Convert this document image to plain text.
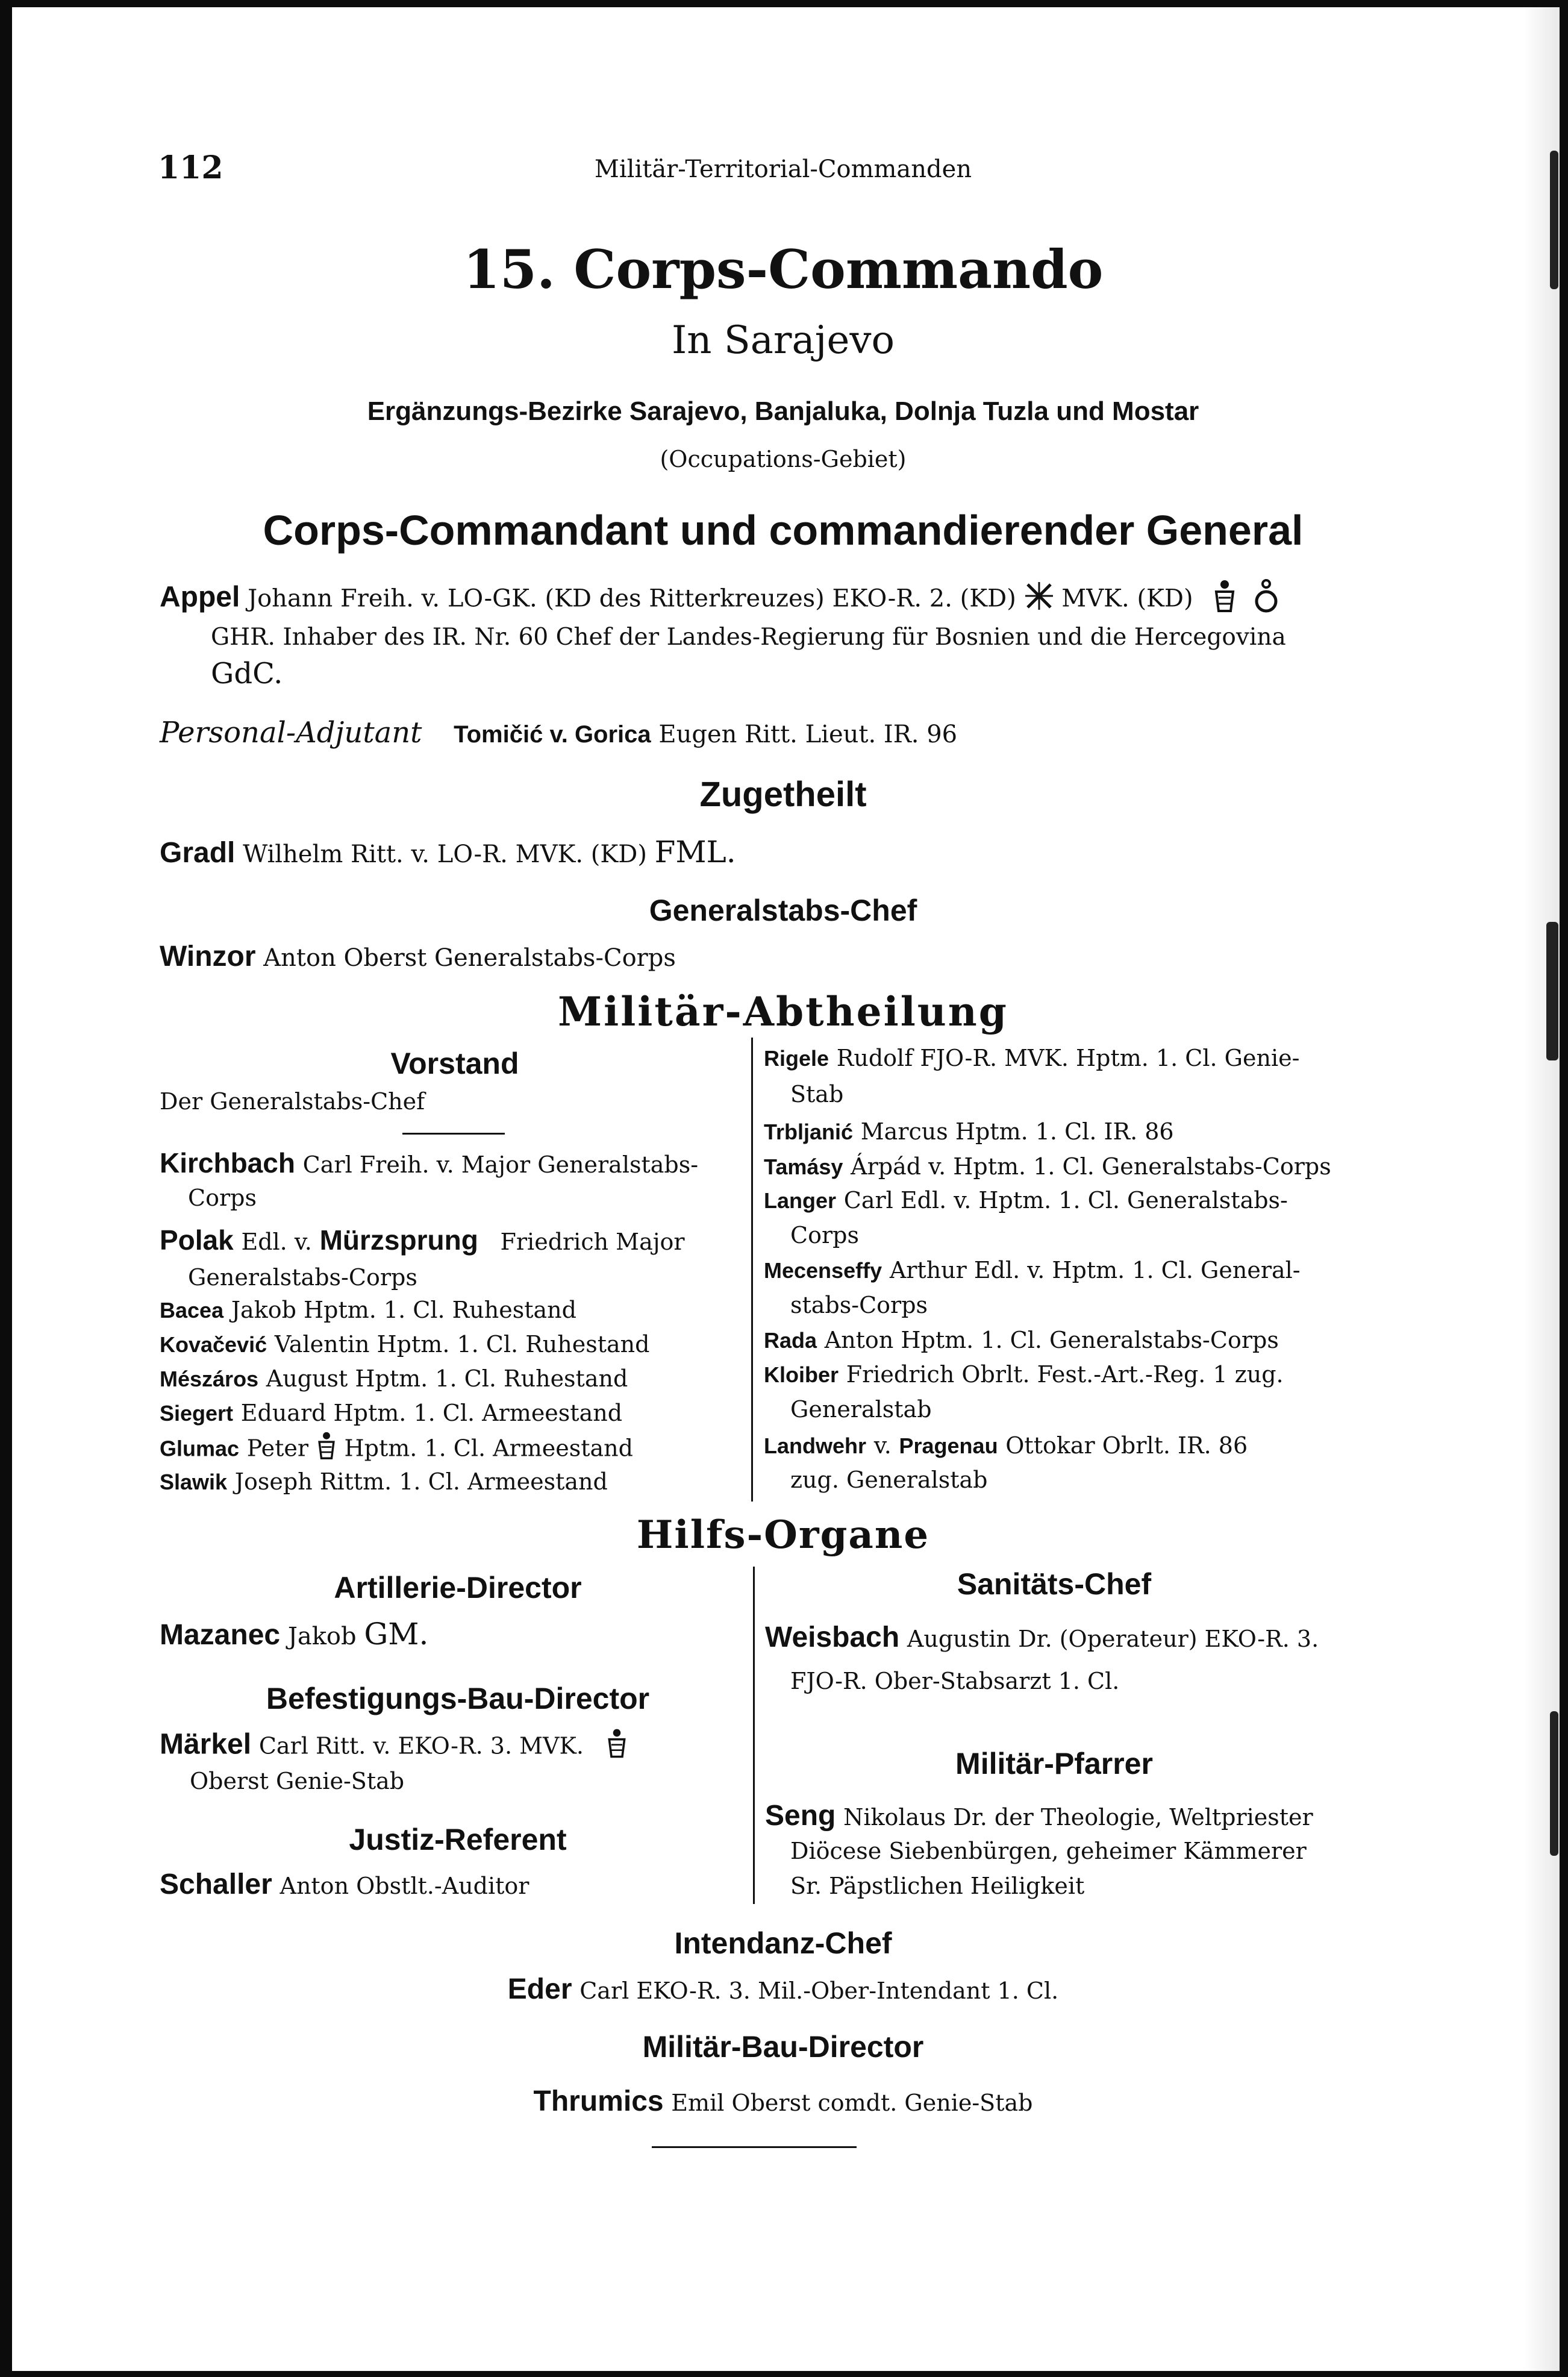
112	Militär-Territorial-Commanden
15. Corps-Commando
In Sarajevo
Ergänzungs-Bezirke Sarajevo, Banjaluka, Dolnja Tuzla und Mostar
(Occupations-Gebiet)
Corps-Commandant und commandierender General
Appel Johann Freih. v. LO-GK. (KD des Ritterkreuzes) EKO-R. 2. (KD) MVK. (KD)
GHR. Inhaber des IR. Nr. 60 Chef der Landes-Regierung für Bosnien und die Hercegovina
GdC.
Personal-Adjutant Tomičić v. Gorica Eugen Ritt. Lieut. IR. 96
Zugetheilt
Gradl Wilhelm Ritt. v. LO-R. MVK. (KD) FML.
Generalstabs-Chef
Winzor Anton Oberst Generalstabs-Corps
Militär-Abtheilung
Vorstand
Der Generalstabs-Chef
Kirchbach Carl Freih. v. Major Generalstabs-
Corps
Polak Edl. v. Mürzsprung Friedrich Major
Generalstabs-Corps
Bacea Jakob Hptm. 1. Cl. Ruhestand
Kovačević Valentin Hptm. 1. Cl. Ruhestand
Mészáros August Hptm. 1. Cl. Ruhestand
Siegert Eduard Hptm. 1. Cl. Armeestand
Glumac Peter Hptm. 1. Cl. Armeestand
Slawik Joseph Rittm. 1. Cl. Armeestand
Rigele Rudolf FJO-R. MVK. Hptm. 1. Cl. Genie-
Stab
Trbljanić Marcus Hptm. 1. Cl. IR. 86
Tamásy Árpád v. Hptm. 1. Cl. Generalstabs-Corps
Langer Carl Edl. v. Hptm. 1. Cl. Generalstabs-
Corps
Mecenseffy Arthur Edl. v. Hptm. 1. Cl. General-
stabs-Corps
Rada Anton Hptm. 1. Cl. Generalstabs-Corps
Kloiber Friedrich Obrlt. Fest.-Art.-Reg. 1 zug.
Generalstab
Landwehr v. Pragenau Ottokar Obrlt. IR. 86
zug. Generalstab
Hilfs-Organe
Artillerie-Director
Mazanec Jakob GM.
Befestigungs-Bau-Director
Märkel Carl Ritt. v. EKO-R. 3. MVK.
Oberst Genie-Stab
Justiz-Referent
Schaller Anton Obstlt.-Auditor
Sanitäts-Chef
Weisbach Augustin Dr. (Operateur) EKO-R. 3.
FJO-R. Ober-Stabsarzt 1. Cl.
Militär-Pfarrer
Seng Nikolaus Dr. der Theologie, Weltpriester
Diöcese Siebenbürgen, geheimer Kämmerer
Sr. Päpstlichen Heiligkeit
Intendanz-Chef
Eder Carl EKO-R. 3. Mil.-Ober-Intendant 1. Cl.
Militär-Bau-Director
Thrumics Emil Oberst comdt. Genie-Stab
